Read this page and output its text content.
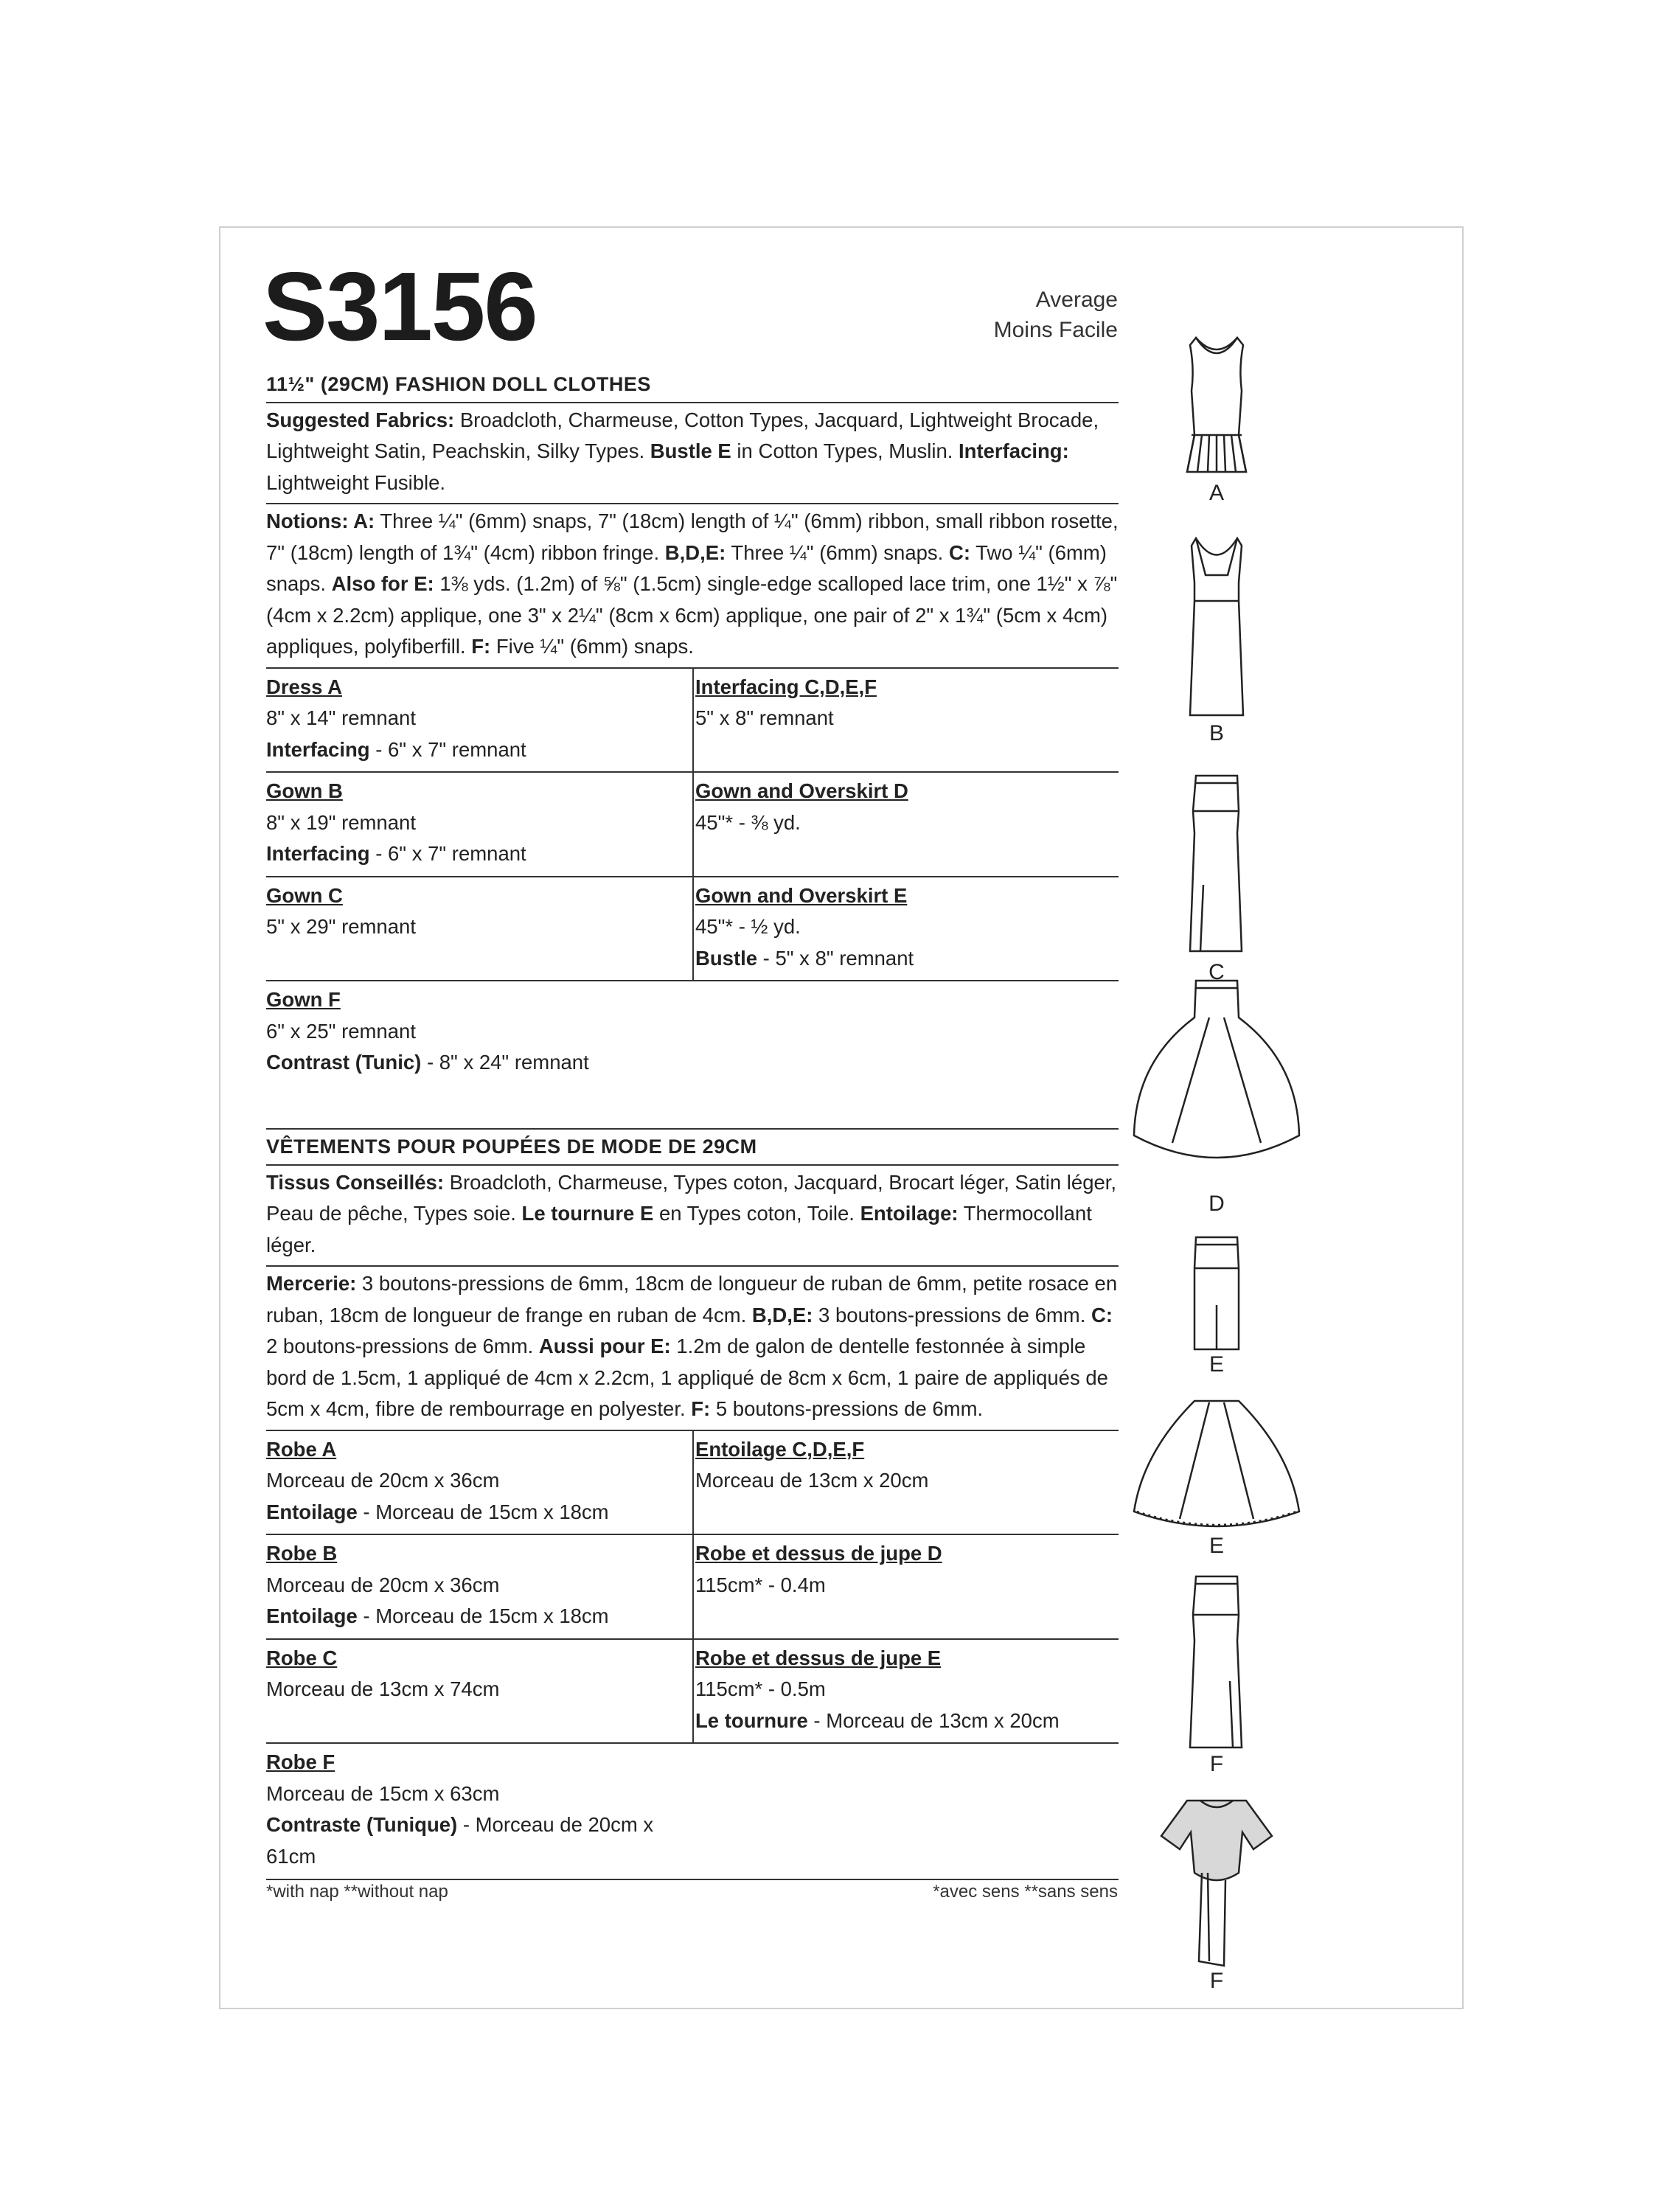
S3156	Average
Moins Facile
11½" (29CM) FASHION DOLL CLOTHES
Suggested Fabrics: Broadcloth, Charmeuse, Cotton Types, Jacquard, Lightweight Brocade, Lightweight Satin, Peachskin, Silky Types. Bustle E in Cotton Types, Muslin. Interfacing: Lightweight Fusible.
Notions: A: Three ¼" (6mm) snaps, 7" (18cm) length of ¼" (6mm) ribbon, small ribbon rosette, 7" (18cm) length of 1¾" (4cm) ribbon fringe. B,D,E: Three ¼" (6mm) snaps. C: Two ¼" (6mm) snaps. Also for E: 1⅜ yds. (1.2m) of ⅝" (1.5cm) single-edge scalloped lace trim, one 1½" x ⅞" (4cm x 2.2cm) applique, one 3" x 2¼" (8cm x 6cm) applique, one pair of 2" x 1¾" (5cm x 4cm) appliques, polyfiberfill. F: Five ¼" (6mm) snaps.
Dress A
8" x 14" remnant
Interfacing - 6" x 7" remnant
Interfacing C,D,E,F
5" x 8" remnant
Gown B
8" x 19" remnant
Interfacing - 6" x 7" remnant
Gown and Overskirt D
45"* - ⅜ yd.
Gown C
5" x 29" remnant
Gown and Overskirt E
45"* - ½ yd.
Bustle - 5" x 8" remnant
Gown F
6" x 25" remnant
Contrast (Tunic) - 8" x 24" remnant
VÊTEMENTS POUR POUPÉES DE MODE DE 29CM
Tissus Conseillés: Broadcloth, Charmeuse, Types coton, Jacquard, Brocart léger, Satin léger, Peau de pêche, Types soie. Le tournure E en Types coton, Toile. Entoilage: Thermocollant léger.
Mercerie: 3 boutons-pressions de 6mm, 18cm de longueur de ruban de 6mm, petite rosace en ruban, 18cm de longueur de frange en ruban de 4cm. B,D,E: 3 boutons-pressions de 6mm. C: 2 boutons-pressions de 6mm. Aussi pour E: 1.2m de galon de dentelle festonnée à simple bord de 1.5cm, 1 appliqué de 4cm x 2.2cm, 1 appliqué de 8cm x 6cm, 1 paire de appliqués de 5cm x 4cm, fibre de rembourrage en polyester. F: 5 boutons-pressions de 6mm.
Robe A
Morceau de 20cm x 36cm
Entoilage - Morceau de 15cm x 18cm
Entoilage C,D,E,F
Morceau de 13cm x 20cm
Robe B
Morceau de 20cm x 36cm
Entoilage - Morceau de 15cm x 18cm
Robe et dessus de jupe D
115cm* - 0.4m
Robe C
Morceau de 13cm x 74cm
Robe et dessus de jupe E
115cm* - 0.5m
Le tournure - Morceau de 13cm x 20cm
Robe F
Morceau de 15cm x 63cm
Contraste (Tunique) - Morceau de 20cm x 61cm
*with nap **without nap	*avec sens **sans sens
A
B
C
D
E
E
F
F
